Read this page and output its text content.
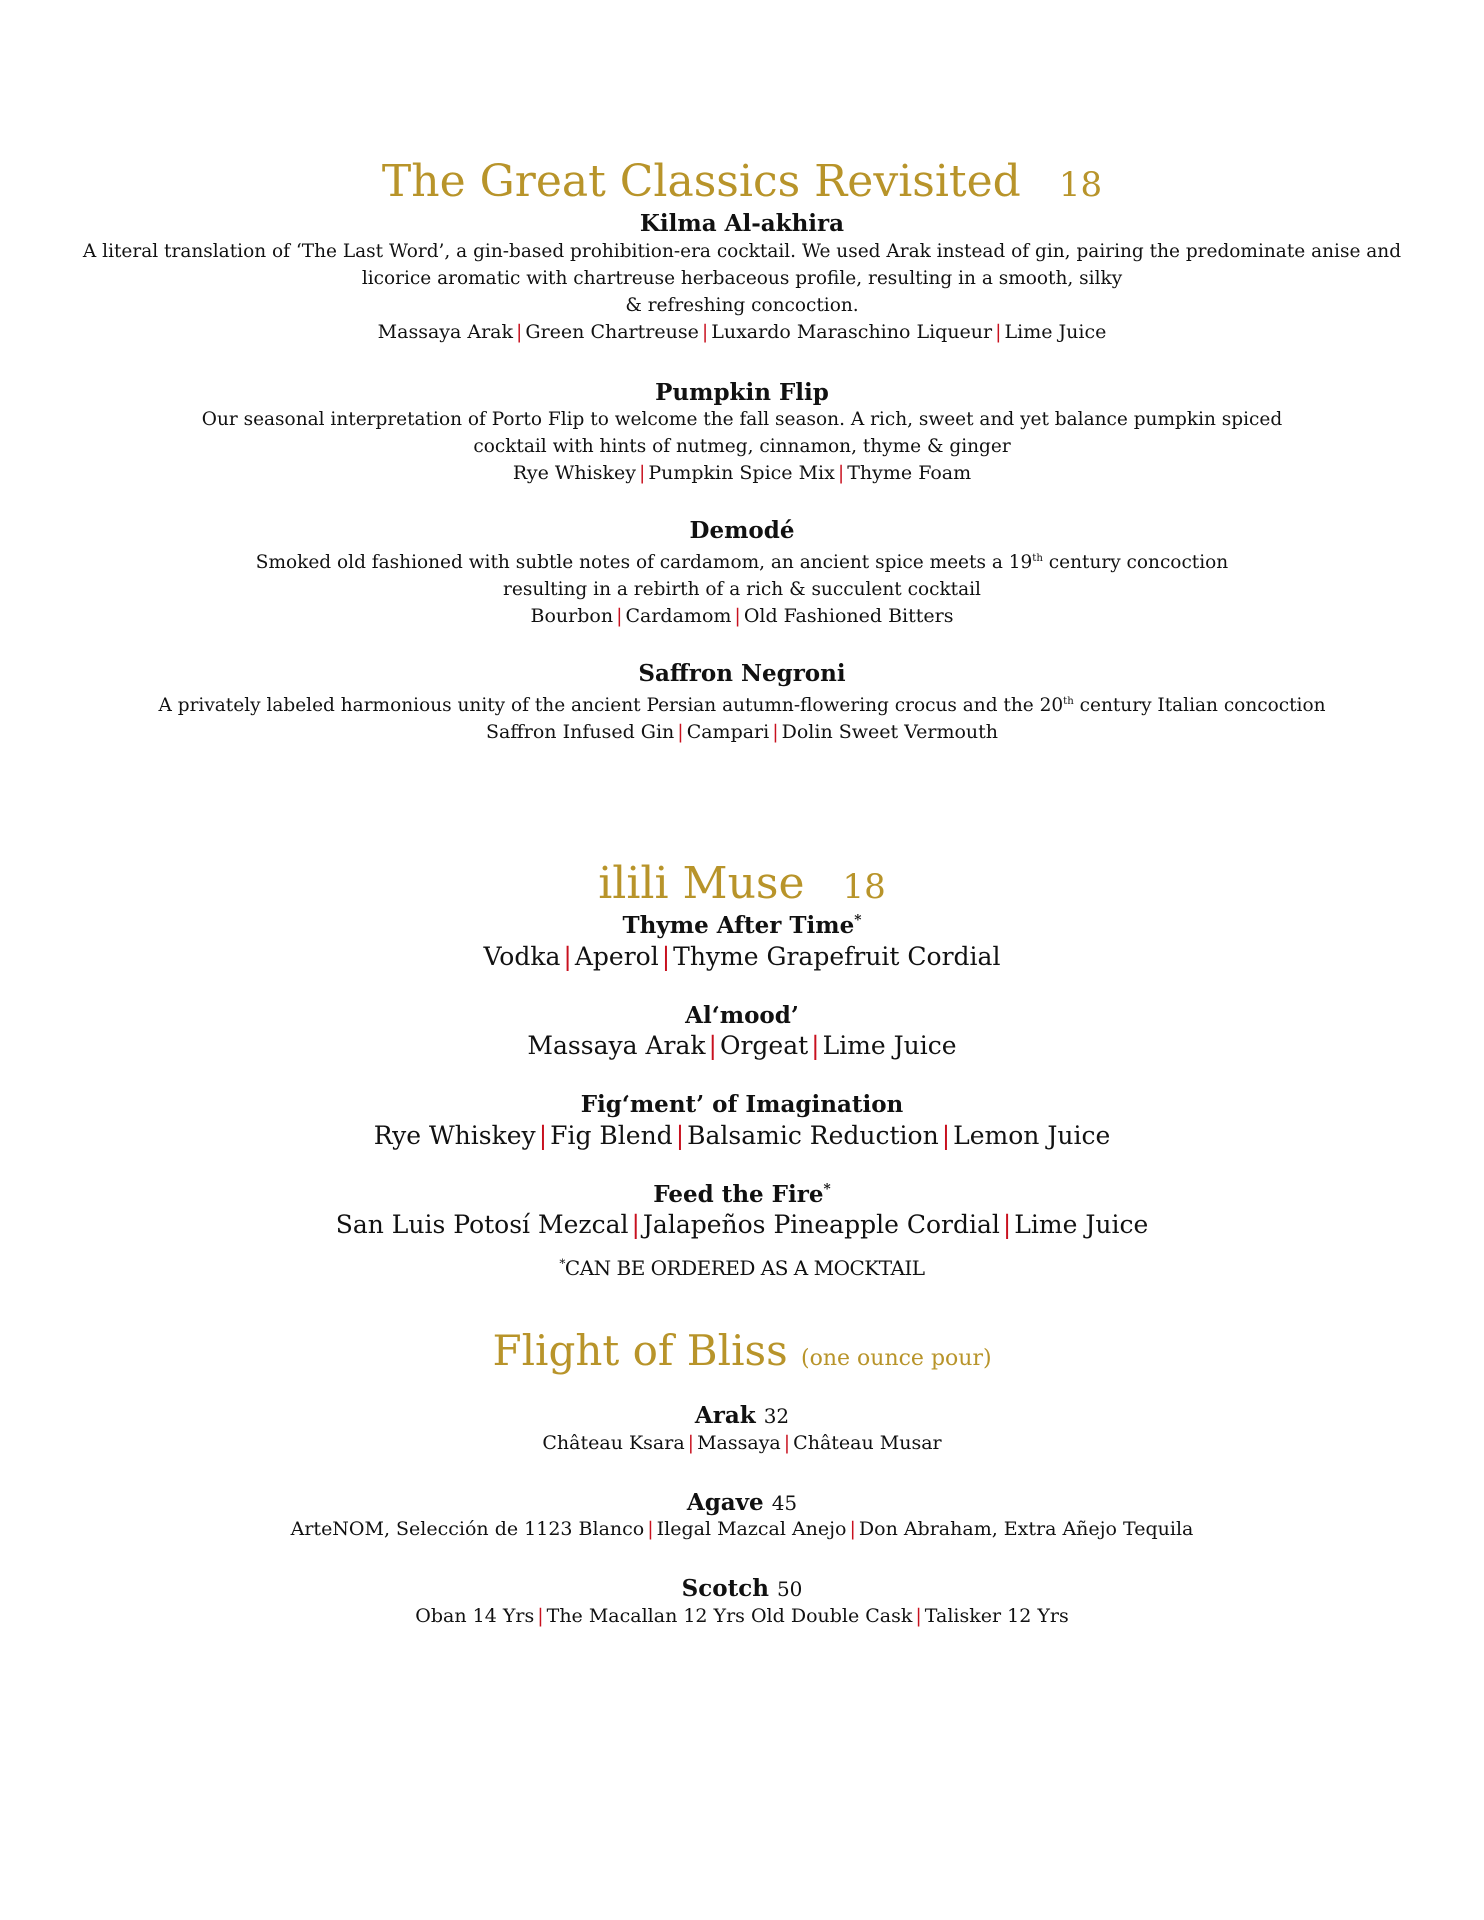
The Great Classics Revisited 18
Kilma Al-akhira

A literal translation of ‘The Last Word’, a gin-based prohibition-era cocktail. We used Arak instead of gin, pairing the predominate anise and

licorice aromatic with chartreuse herbaceous profile, resulting in a smooth, silky

& refreshing concoction.

Massaya Arak | Green Chartreuse | Luxardo Maraschino Liqueur | Lime Juice

Pumpkin Flip

Our seasonal interpretation of Porto Flip to welcome the fall season. A rich, sweet and yet balance pumpkin spiced

cocktail with hints of nutmeg, cinnamon, thyme & ginger

Rye Whiskey | Pumpkin Spice Mix | Thyme Foam

Demodé

Smoked old fashioned with subtle notes of cardamom, an ancient spice meets a 19th century concoction

resulting in a rebirth of a rich & succulent cocktail

Bourbon | Cardamom | Old Fashioned Bitters

Saffron Negroni

A privately labeled harmonious unity of the ancient Persian autumn-flowering crocus and the 20th century Italian concoction

Saffron Infused Gin | Campari | Dolin Sweet Vermouth

ilili Muse 18
Thyme After Time*

Vodka | Aperol | Thyme Grapefruit Cordial

Al‘mood’

Massaya Arak | Orgeat | Lime Juice

Fig‘ment’ of Imagination

Rye Whiskey | Fig Blend | Balsamic Reduction | Lemon Juice

Feed the Fire*

San Luis Potosí Mezcal | Jalapeños Pineapple Cordial | Lime Juice

*CAN BE ORDERED AS A MOCKTAIL

Flight of Bliss (one ounce pour)
Arak 32

Château Ksara | Massaya | Château Musar

Agave 45

ArteNOM, Selección de 1123 Blanco | Ilegal Mazcal Anejo | Don Abraham, Extra Añejo Tequila

Scotch 50

Oban 14 Yrs | The Macallan 12 Yrs Old Double Cask | Talisker 12 Yrs
